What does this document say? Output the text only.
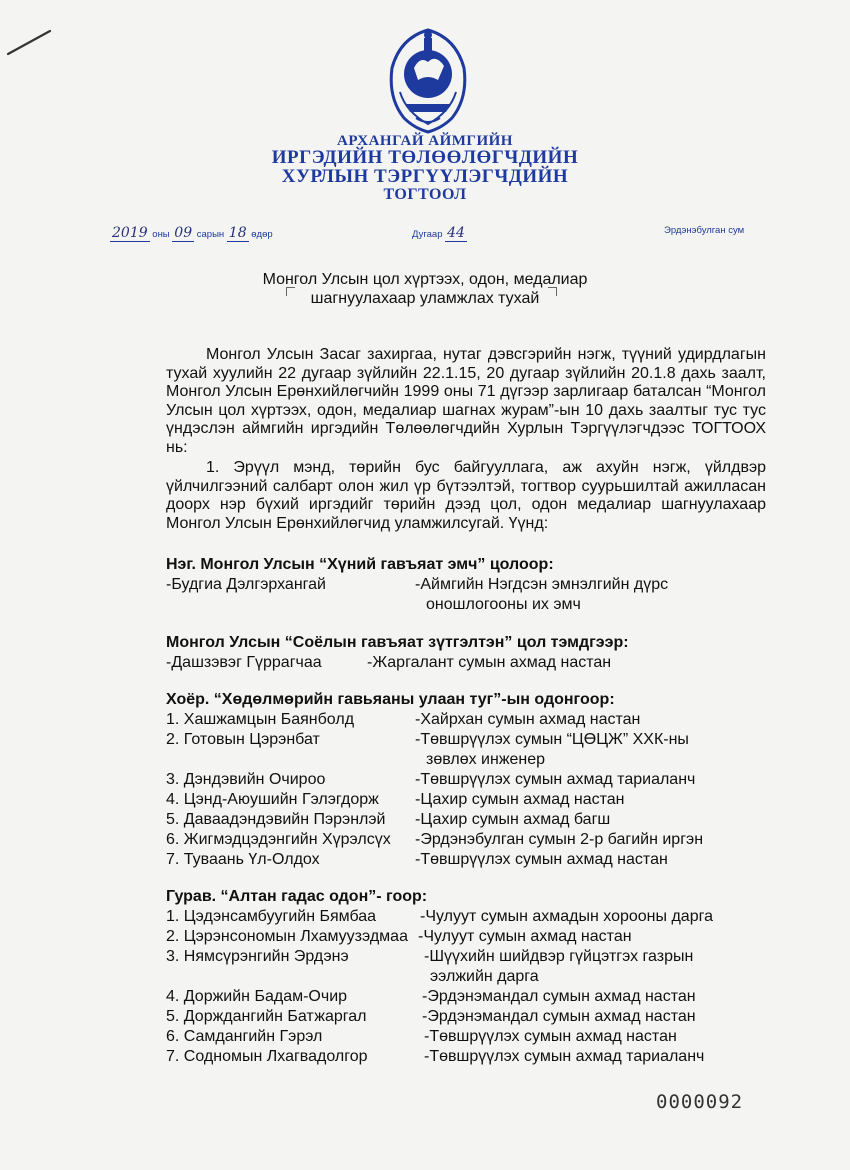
АРХАНГАЙ АЙМГИЙН
ИРГЭДИЙН ТӨЛӨӨЛӨГЧДИЙН
ХУРЛЫН ТЭРГҮҮЛЭГЧДИЙН
ТОГТООЛ
2019 оны 09 сарын 18 өдөр	Дугаар 44	Эрдэнэбулган сум
Монгол Улсын цол хүртээх, одон, медалиар
шагнуулахаар уламжлах тухай
Монгол Улсын Засаг захиргаа, нутаг дэвсгэрийн нэгж, түүний удирдлагын тухай хуулийн 22 дугаар зүйлийн 22.1.15, 20 дугаар зүйлийн 20.1.8 дахь заалт, Монгол Улсын Ерөнхийлөгчийн 1999 оны 71 дүгээр зарлигаар баталсан “Монгол Улсын цол хүртээх, одон, медалиар шагнах журам”-ын 10 дахь заалтыг тус тус үндэслэн аймгийн иргэдийн Төлөөлөгчдийн Хурлын Тэргүүлэгчдээс ТОГТООХ нь:
1. Эрүүл мэнд, төрийн бус байгууллага, аж ахуйн нэгж, үйлдвэр үйлчилгээний салбарт олон жил үр бүтээлтэй, тогтвор суурьшилтай ажилласан доорх нэр бүхий иргэдийг төрийн дээд цол, одон медалиар шагнуулахаар Монгол Улсын Ерөнхийлөгчид уламжилсугай. Үүнд:
Нэг. Монгол Улсын “Хүний гавъяат эмч” цолоор:
-Будгиа Дэлгэрхангай	-Аймгийн Нэгдсэн эмнэлгийн дүрс
оношлогооны их эмч
Монгол Улсын “Соёлын гавъяат зүтгэлтэн” цол тэмдгээр:
-Дашзэвэг Гүррагчаа	-Жаргалант сумын ахмад настан
Хоёр. “Хөдөлмөрийн гавьяаны улаан туг”-ын одонгоор:
1. Хашжамцын Баянболд	-Хайрхан сумын ахмад настан
2. Готовын Цэрэнбат	-Төвшрүүлэх сумын “ЦӨЦЖ” ХХК-ны
зөвлөх инженер
3. Дэндэвийн Очироо	-Төвшрүүлэх сумын ахмад тариаланч
4. Цэнд-Аюушийн Гэлэгдорж -Цахир сумын ахмад настан
5. Даваадэндэвийн Пэрэнлэй -Цахир сумын ахмад багш
6. Жигмэдцэдэнгийн Хүрэлсүх -Эрдэнэбулган сумын 2-р багийн иргэн
7. Туваань Үл-Олдох	-Төвшрүүлэх сумын ахмад настан
Гурав. “Алтан гадас одон”- гоор:
1. Цэдэнсамбуугийн Бямбаа	-Чулуут сумын ахмадын хорооны дарга
2. Цэрэнсономын Лхамуузэдмаа -Чулуут сумын ахмад настан
3. Нямсүрэнгийн Эрдэнэ	-Шүүхийн шийдвэр гүйцэтгэх газрын
ээлжийн дарга
4. Доржийн Бадам-Очир	-Эрдэнэмандал сумын ахмад настан
5. Дорждангийн Батжаргал	-Эрдэнэмандал сумын ахмад настан
6. Самдангийн Гэрэл	-Төвшрүүлэх сумын ахмад настан
7. Содномын Лхагвадолгор	-Төвшрүүлэх сумын ахмад тариаланч
0000092
